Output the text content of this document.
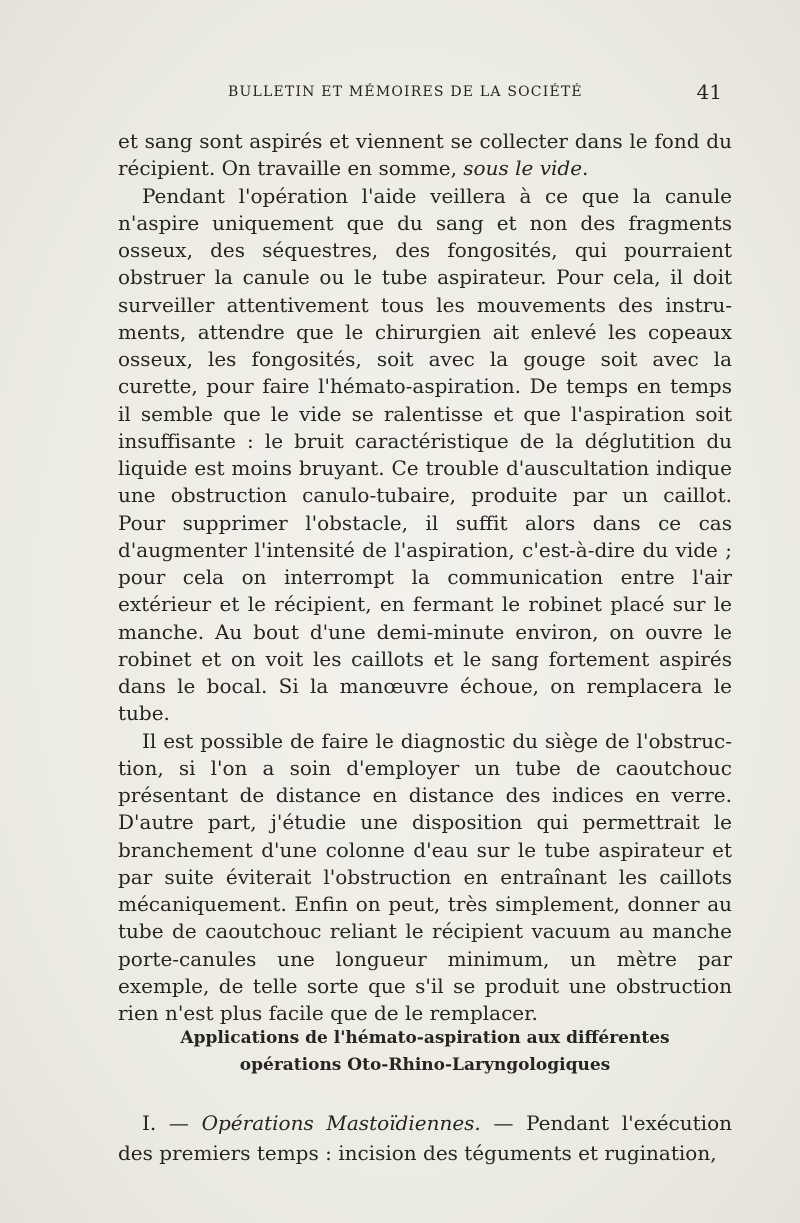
BULLETIN ET MÉMOIRES DE LA SOCIÉTÉ	41

et sang sont aspirés et viennent se collecter dans le fond du récipient. On travaille en somme, sous le vide.

Pendant l'opération l'aide veillera à ce que la canule n'aspire uniquement que du sang et non des fragments osseux, des séquestres, des fongosités, qui pourraient obstruer la canule ou le tube aspirateur. Pour cela, il doit surveiller attentivement tous les mouvements des instruments, attendre que le chirurgien ait enlevé les copeaux osseux, les fongosités, soit avec la gouge soit avec la curette, pour faire l'hémato-aspiration. De temps en temps il semble que le vide se ralentisse et que l'aspiration soit insuffisante : le bruit caractéristique de la déglutition du liquide est moins bruyant. Ce trouble d'auscultation indique une obstruction canulo-tubaire, produite par un caillot. Pour supprimer l'obstacle, il suffit alors dans ce cas d'augmenter l'intensité de l'aspiration, c'est-à-dire du vide ; pour cela on interrompt la communication entre l'air extérieur et le récipient, en fermant le robinet placé sur le manche. Au bout d'une demi-minute environ, on ouvre le robinet et on voit les caillots et le sang fortement aspirés dans le bocal. Si la manœuvre échoue, on remplacera le tube.

Il est possible de faire le diagnostic du siège de l'obstruction, si l'on a soin d'employer un tube de caoutchouc présentant de distance en distance des indices en verre. D'autre part, j'étudie une disposition qui permettrait le branchement d'une colonne d'eau sur le tube aspirateur et par suite éviterait l'obstruction en entraînant les caillots mécaniquement. Enfin on peut, très simplement, donner au tube de caoutchouc reliant le récipient vacuum au manche porte-canules une longueur minimum, un mètre par exemple, de telle sorte que s'il se produit une obstruction rien n'est plus facile que de le remplacer.

Applications de l'hémato-aspiration aux différentes
opérations Oto-Rhino-Laryngologiques

I. — Opérations Mastoïdiennes. — Pendant l'exécution des premiers temps : incision des téguments et rugination,
